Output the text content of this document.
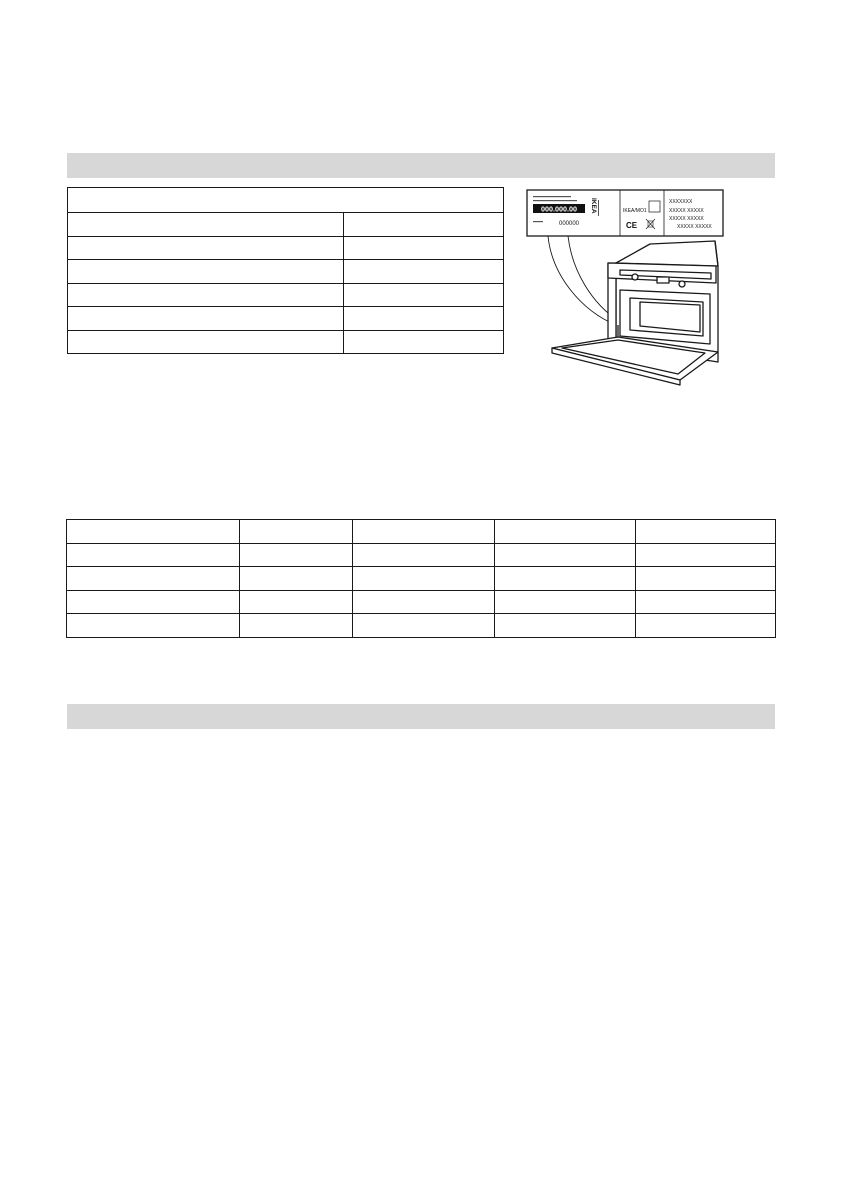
000.000.00
000000
IKEA	IKEA/MO1
CE
XXXXXXX
XXXXX XXXXX
XXXXX XXXXX
XXXXX XXXXX
